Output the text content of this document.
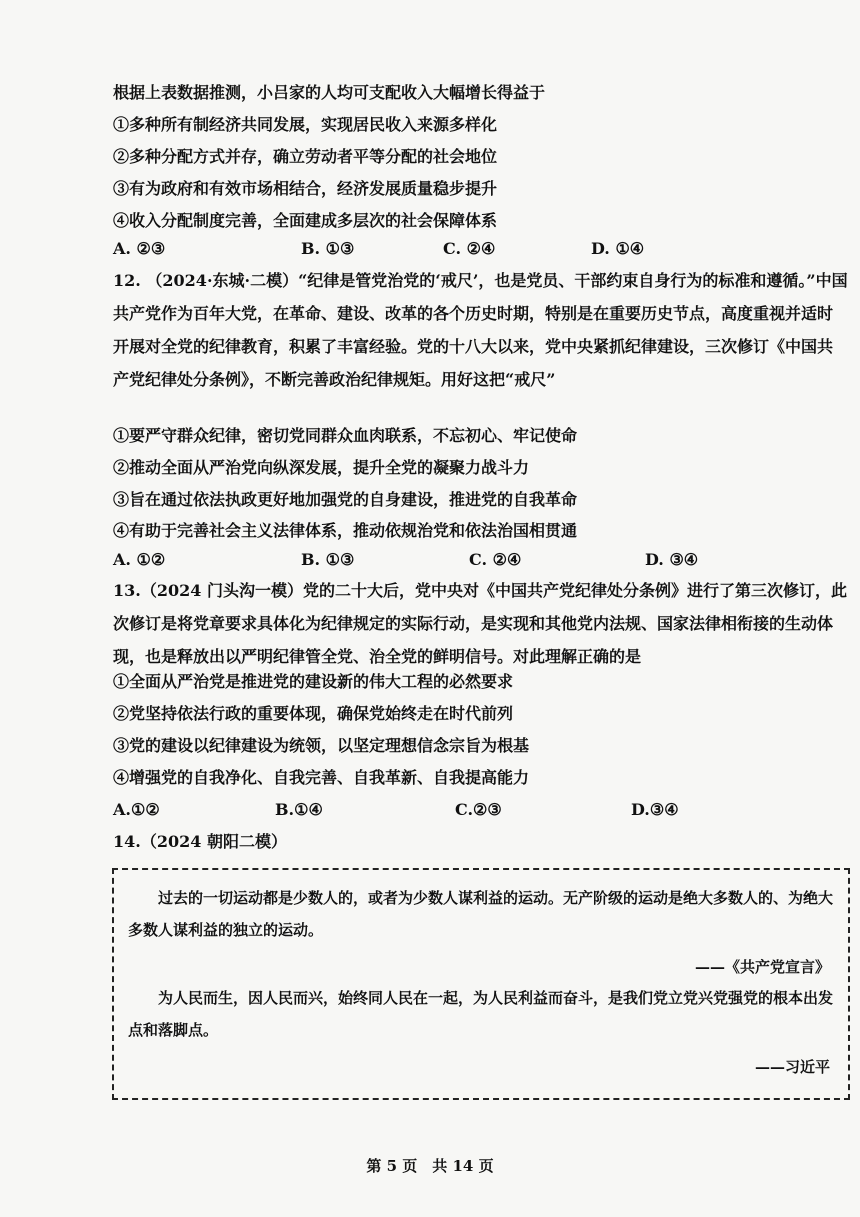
根据上表数据推测，小吕家的人均可支配收入大幅增长得益于
①多种所有制经济共同发展，实现居民收入来源多样化
②多种分配方式并存，确立劳动者平等分配的社会地位
③有为政府和有效市场相结合，经济发展质量稳步提升
④收入分配制度完善，全面建成多层次的社会保障体系
A. ②③	B. ①③	C. ②④	D. ①④
12. （2024·东城·二模）“纪律是管党治党的‘戒尺’，也是党员、干部约束自身行为的标准和遵循。”中国共产党作为百年大党，在革命、建设、改革的各个历史时期，特别是在重要历史节点，高度重视并适时开展对全党的纪律教育，积累了丰富经验。党的十八大以来，党中央紧抓纪律建设，三次修订《中国共产党纪律处分条例》，不断完善政治纪律规矩。用好这把“戒尺”
①要严守群众纪律，密切党同群众血肉联系，不忘初心、牢记使命
②推动全面从严治党向纵深发展，提升全党的凝聚力战斗力
③旨在通过依法执政更好地加强党的自身建设，推进党的自我革命
④有助于完善社会主义法律体系，推动依规治党和依法治国相贯通
A. ①②	B. ①③	C. ②④	D. ③④
13.（2024 门头沟一模）党的二十大后，党中央对《中国共产党纪律处分条例》进行了第三次修订，此次修订是将党章要求具体化为纪律规定的实际行动，是实现和其他党内法规、国家法律相衔接的生动体现，也是释放出以严明纪律管全党、治全党的鲜明信号。对此理解正确的是
①全面从严治党是推进党的建设新的伟大工程的必然要求
②党坚持依法行政的重要体现，确保党始终走在时代前列
③党的建设以纪律建设为统领，以坚定理想信念宗旨为根基
④增强党的自我净化、自我完善、自我革新、自我提高能力
A.①②	B.①④	C.②③	D.③④
14.（2024 朝阳二模）
过去的一切运动都是少数人的，或者为少数人谋利益的运动。无产阶级的运动是绝大多数人的、为绝大多数人谋利益的独立的运动。
——《共产党宣言》
为人民而生，因人民而兴，始终同人民在一起，为人民利益而奋斗，是我们党立党兴党强党的根本出发点和落脚点。
——习近平
第 5 页　共 14 页
